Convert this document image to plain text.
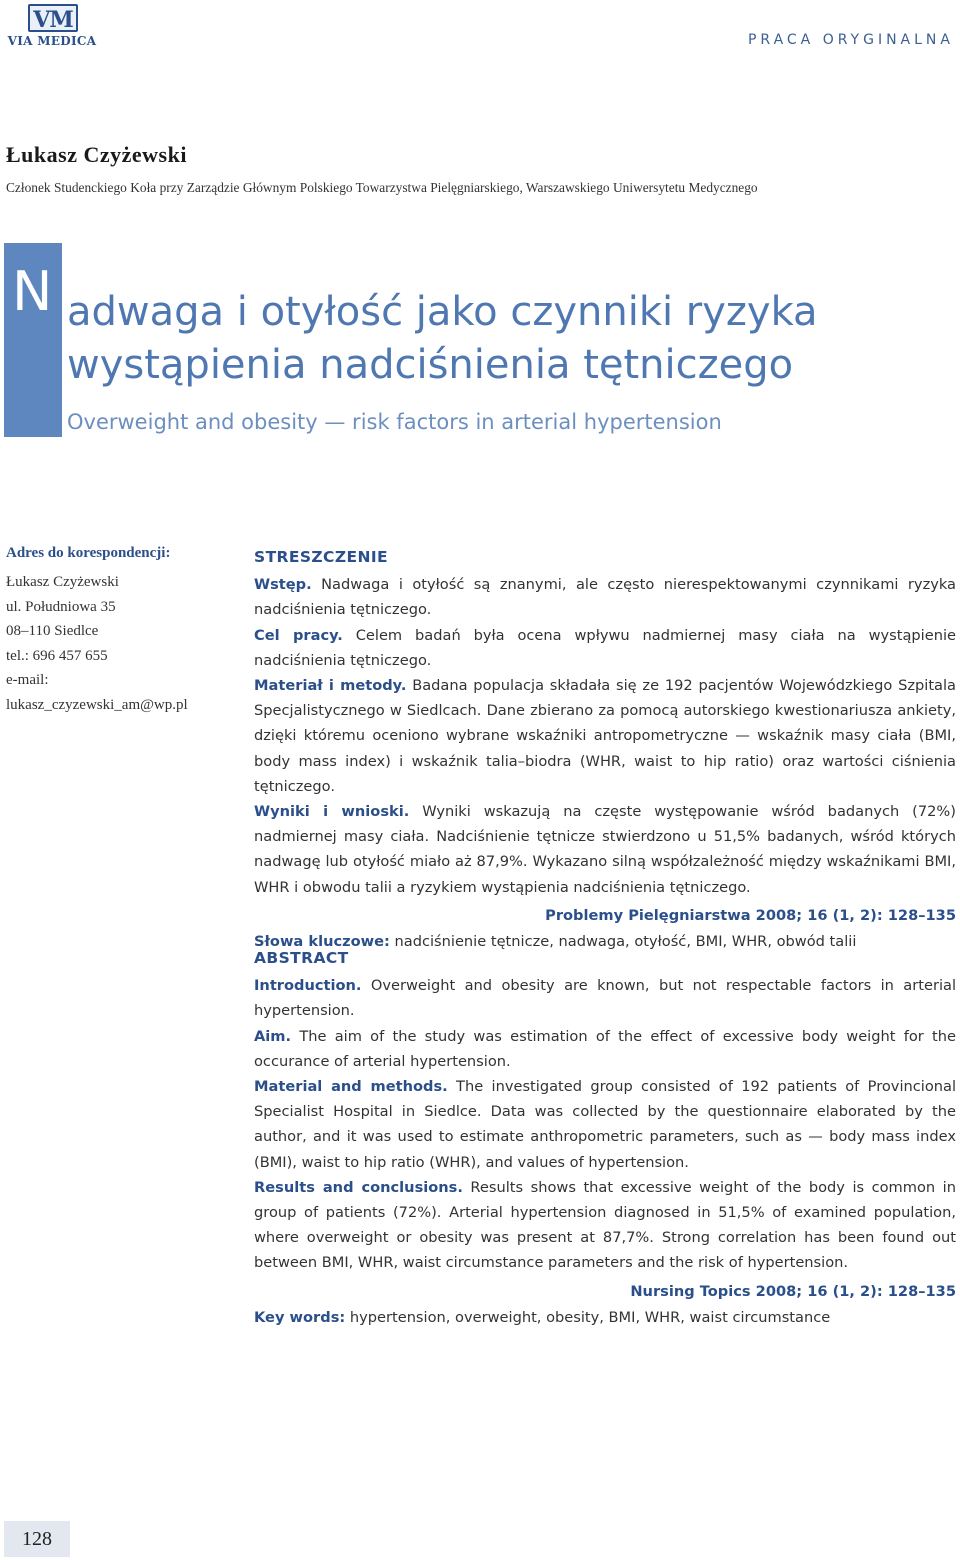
VM
VIA MEDICA	PRACA ORYGINALNA
Łukasz Czyżewski
Członek Studenckiego Koła przy Zarządzie Głównym Polskiego Towarzystwa Pielęgniarskiego, Warszawskiego Uniwersytetu Medycznego
N adwaga i otyłość jako czynniki ryzyka
wystąpienia nadciśnienia tętniczego
Overweight and obesity — risk factors in arterial hypertension
Adres do korespondencji:
Łukasz Czyżewski
ul. Południowa 35
08–110 Siedlce
tel.: 696 457 655
e-mail:
lukasz_czyzewski_am@wp.pl
STRESZCZENIE

Wstęp. Nadwaga i otyłość są znanymi, ale często nierespektowanymi czynnikami ryzyka nadciśnienia tętniczego.

Cel pracy. Celem badań była ocena wpływu nadmiernej masy ciała na wystąpienie nadciśnienia tętniczego.

Materiał i metody. Badana populacja składała się ze 192 pacjentów Wojewódzkiego Szpitala Specjalistycznego w Siedlcach. Dane zbierano za pomocą autorskiego kwestionariusza ankiety, dzięki któremu oceniono wybrane wskaźniki antropometryczne — wskaźnik masy ciała (BMI, body mass index) i wskaźnik talia–biodra (WHR, waist to hip ratio) oraz wartości ciśnienia tętniczego.

Wyniki i wnioski. Wyniki wskazują na częste występowanie wśród badanych (72%) nadmiernej masy ciała. Nadciśnienie tętnicze stwierdzono u 51,5% badanych, wśród których nadwagę lub otyłość miało aż 87,9%. Wykazano silną współzależność między wskaźnikami BMI, WHR i obwodu talii a ryzykiem wystąpienia nadciśnienia tętniczego.

Problemy Pielęgniarstwa 2008; 16 (1, 2): 128–135
Słowa kluczowe: nadciśnienie tętnicze, nadwaga, otyłość, BMI, WHR, obwód talii
ABSTRACT

Introduction. Overweight and obesity are known, but not respectable factors in arterial hypertension.

Aim. The aim of the study was estimation of the effect of excessive body weight for the occurance of arterial hypertension.

Material and methods. The investigated group consisted of 192 patients of Provincional Specialist Hospital in Siedlce. Data was collected by the questionnaire elaborated by the author, and it was used to estimate anthropometric parameters, such as — body mass index (BMI), waist to hip ratio (WHR), and values of hypertension.

Results and conclusions. Results shows that excessive weight of the body is common in group of patients (72%). Arterial hypertension diagnosed in 51,5% of examined population, where overweight or obesity was present at 87,7%. Strong correlation has been found out between BMI, WHR, waist circumstance parameters and the risk of hypertension.

Nursing Topics 2008; 16 (1, 2): 128–135
Key words: hypertension, overweight, obesity, BMI, WHR, waist circumstance
128
